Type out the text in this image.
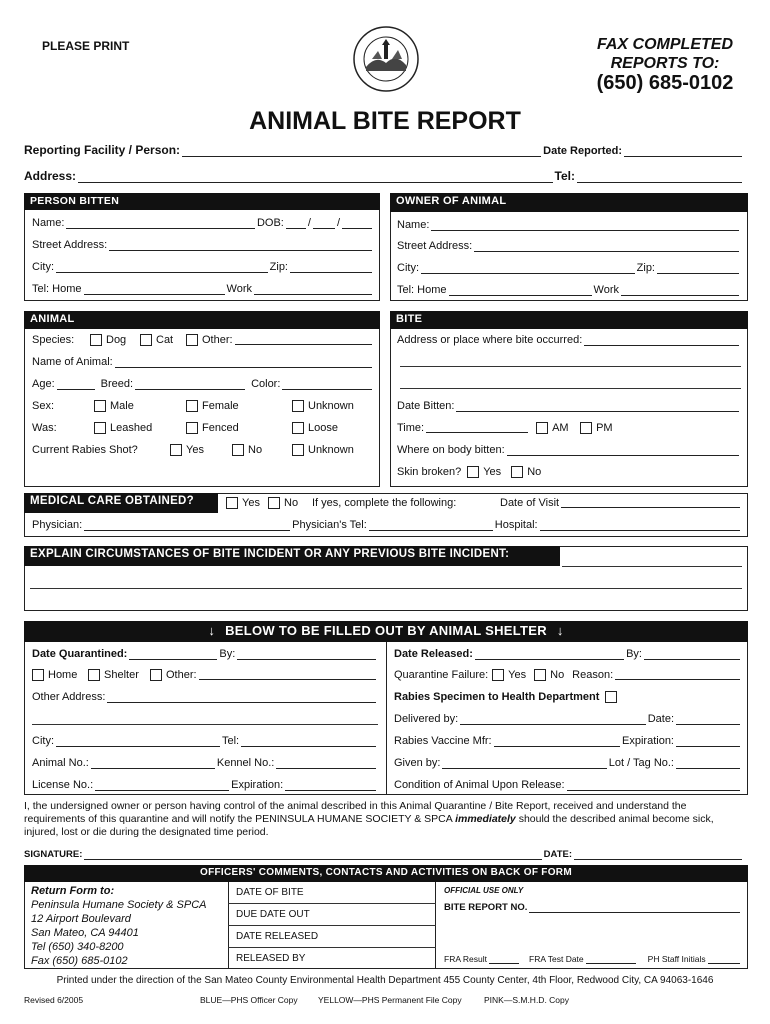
PLEASE PRINT	FAX COMPLETED
REPORTS TO:
(650) 685-0102
ANIMAL BITE REPORT
Reporting Facility / Person:	Date Reported:
Address:	Tel:
PERSON BITTEN
Name:	DOB: / /
Street Address:
City:	Zip:
Tel: Home	Work
OWNER OF ANIMAL
Name:
Street Address:
City:	Zip:
Tel: Home	Work
ANIMAL
Species:	Dog	Cat	Other:
Name of Animal:
Age:	Breed:	Color:
Sex:	Male	Female	Unknown
Was:	Leashed	Fenced	Loose
Current Rabies Shot?	Yes	No	Unknown
BITE
Address or place where bite occurred:
Date Bitten:
Time:	AM	PM
Where on body bitten:
Skin broken? Yes	No
MEDICAL CARE OBTAINED?	Yes	No	If yes, complete the following:	Date of Visit
Physician:	Physician's Tel:	Hospital:
EXPLAIN CIRCUMSTANCES OF BITE INCIDENT OR ANY PREVIOUS BITE INCIDENT:
↓ BELOW TO BE FILLED OUT BY ANIMAL SHELTER ↓
Date Quarantined:	By:
Home	Shelter	Other:
Other Address:
City:	Tel:
Animal No.:	Kennel No.:
License No.:	Expiration:
Date Released:	By:
Quarantine Failure: Yes	No Reason:
Rabies Specimen to Health Department
Delivered by:	Date:
Rabies Vaccine Mfr:	Expiration:
Given by:	Lot / Tag No.:
Condition of Animal Upon Release:
I, the undersigned owner or person having control of the animal described in this Animal Quarantine / Bite Report, received and understand the requirements of this quarantine and will notify the PENINSULA HUMANE SOCIETY & SPCA immediately should the described animal become sick, injured, lost or die during the designated time period.
SIGNATURE:	DATE:
OFFICERS' COMMENTS, CONTACTS AND ACTIVITIES ON BACK OF FORM
Return Form to:
Peninsula Humane Society & SPCA
12 Airport Boulevard
San Mateo, CA 94401
Tel (650) 340-8200
Fax (650) 685-0102
DATE OF BITE
DUE DATE OUT
DATE RELEASED
RELEASED BY
OFFICIAL USE ONLY
BITE REPORT NO.
FRA Result	FRA Test Date	PH Staff Initials
Printed under the direction of the San Mateo County Environmental Health Department 455 County Center, 4th Floor, Redwood City, CA 94063-1646
Revised 6/2005	BLUE—PHS Officer Copy YELLOW—PHS Permanent File Copy	PINK—S.M.H.D. Copy
